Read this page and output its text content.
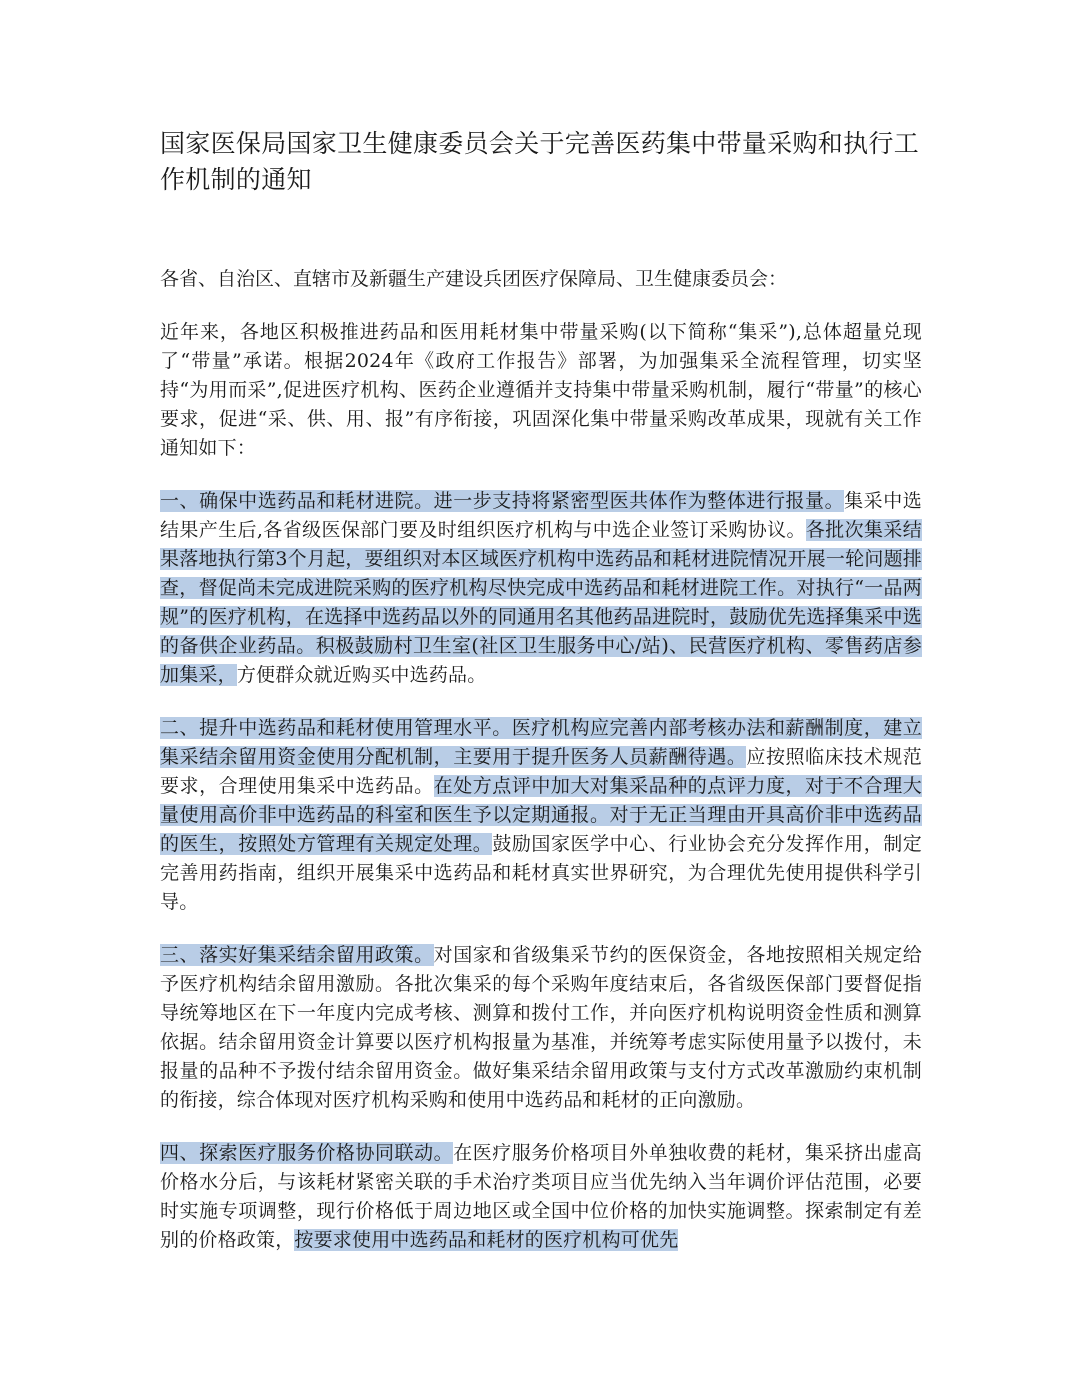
国家医保局国家卫生健康委员会关于完善医药集中带量采购和执行工作机制的通知

各省、自治区、直辖市及新疆生产建设兵团医疗保障局、卫生健康委员会：

近年来，各地区积极推进药品和医用耗材集中带量采购(以下简称“集采”),总体超量兑现了“带量”承诺。根据2024年《政府工作报告》部署，为加强集采全流程管理，切实坚持“为用而采”,促进医疗机构、医药企业遵循并支持集中带量采购机制，履行“带量”的核心要求，促进“采、供、用、报”有序衔接，巩固深化集中带量采购改革成果，现就有关工作通知如下：

一、确保中选药品和耗材进院。进一步支持将紧密型医共体作为整体进行报量。集采中选结果产生后,各省级医保部门要及时组织医疗机构与中选企业签订采购协议。各批次集采结果落地执行第3个月起，要组织对本区域医疗机构中选药品和耗材进院情况开展一轮问题排查，督促尚未完成进院采购的医疗机构尽快完成中选药品和耗材进院工作。对执行“一品两规”的医疗机构，在选择中选药品以外的同通用名其他药品进院时，鼓励优先选择集采中选的备供企业药品。积极鼓励村卫生室(社区卫生服务中心/站)、民营医疗机构、零售药店参加集采，方便群众就近购买中选药品。

二、提升中选药品和耗材使用管理水平。医疗机构应完善内部考核办法和薪酬制度，建立集采结余留用资金使用分配机制，主要用于提升医务人员薪酬待遇。应按照临床技术规范要求，合理使用集采中选药品。在处方点评中加大对集采品种的点评力度，对于不合理大量使用高价非中选药品的科室和医生予以定期通报。对于无正当理由开具高价非中选药品的医生，按照处方管理有关规定处理。鼓励国家医学中心、行业协会充分发挥作用，制定完善用药指南，组织开展集采中选药品和耗材真实世界研究，为合理优先使用提供科学引导。

三、落实好集采结余留用政策。对国家和省级集采节约的医保资金，各地按照相关规定给予医疗机构结余留用激励。各批次集采的每个采购年度结束后，各省级医保部门要督促指导统筹地区在下一年度内完成考核、测算和拨付工作，并向医疗机构说明资金性质和测算依据。结余留用资金计算要以医疗机构报量为基准，并统筹考虑实际使用量予以拨付，未报量的品种不予拨付结余留用资金。做好集采结余留用政策与支付方式改革激励约束机制的衔接，综合体现对医疗机构采购和使用中选药品和耗材的正向激励。

四、探索医疗服务价格协同联动。在医疗服务价格项目外单独收费的耗材，集采挤出虚高价格水分后，与该耗材紧密关联的手术治疗类项目应当优先纳入当年调价评估范围，必要时实施专项调整，现行价格低于周边地区或全国中位价格的加快实施调整。探索制定有差别的价格政策，按要求使用中选药品和耗材的医疗机构可优先
